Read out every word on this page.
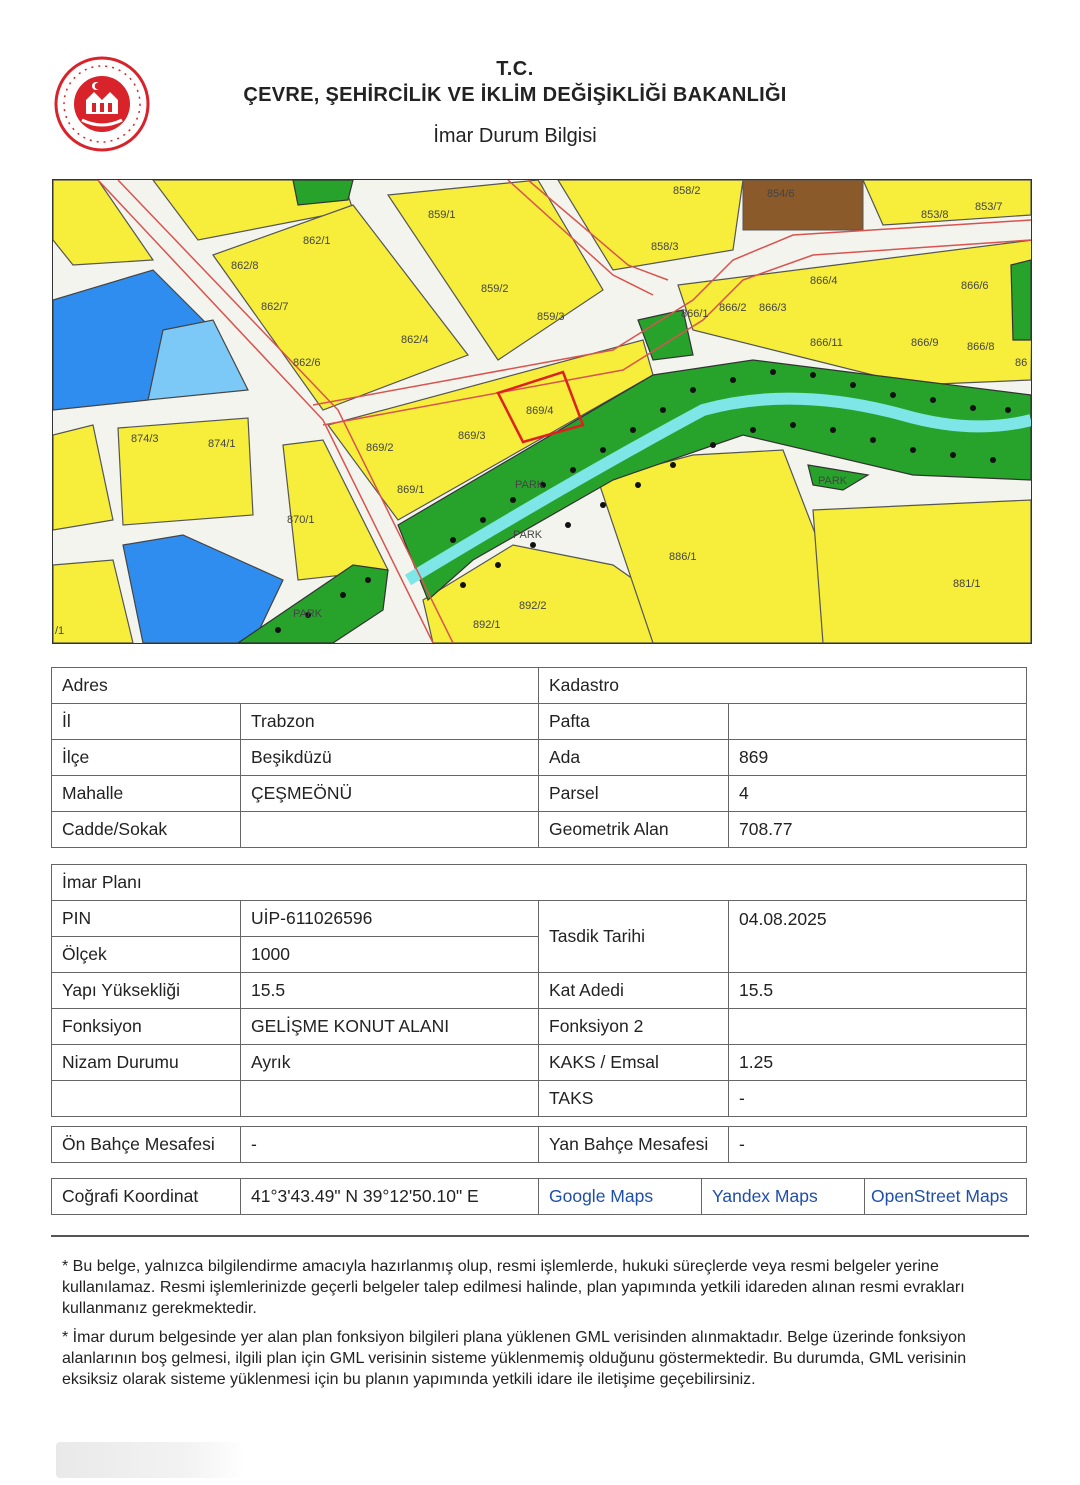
T.C.
ÇEVRE, ŞEHİRCİLİK VE İKLİM DEĞİŞİKLİĞİ BAKANLIĞI
İmar Durum Bilgisi
858/2	854/6
853/8
853/7
859/1
862/1	858/3
862/8
866/4	866/6
859/2
862/7
866/1 866/2 866/3
859/3
862/4	866/11	866/9	866/8
86
862/6
869/4
874/3	874/1	869/2
869/3
869/1	PARK	PARK
870/1
PARK
886/1
881/1
892/2
892/1
PARK
/1
Adres		Kadastro	
İl	Trabzon	Pafta	
İlçe	Beşikdüzü	Ada	869
Mahalle	ÇEŞMEÖNÜ	Parsel	4
Cadde/Sokak		Geometrik Alan	708.77
İmar Planı			
PIN	UİP-611026596	Tasdik Tarihi	04.08.2025
Ölçek	1000		
Yapı Yüksekliği	15.5	Kat Adedi	15.5
Fonksiyon	GELİŞME KONUT ALANI	Fonksiyon 2	
Nizam Durumu	Ayrık	KAKS / Emsal	1.25
		TAKS	-
Ön Bahçe Mesafesi	-	Yan Bahçe Mesafesi	-
Coğrafi Koordinat	41°3'43.49" N 39°12'50.10" E	Google Maps	Yandex Maps	OpenStreet Maps
* Bu belge, yalnızca bilgilendirme amacıyla hazırlanmış olup, resmi işlemlerde, hukuki süreçlerde veya resmi belgeler yerine kullanılamaz. Resmi işlemlerinizde geçerli belgeler talep edilmesi halinde, plan yapımında yetkili idareden alınan resmi evrakları kullanmanız gerekmektedir.
* İmar durum belgesinde yer alan plan fonksiyon bilgileri plana yüklenen GML verisinden alınmaktadır. Belge üzerinde fonksiyon alanlarının boş gelmesi, ilgili plan için GML verisinin sisteme yüklenmemiş olduğunu göstermektedir. Bu durumda, GML verisinin eksiksiz olarak sisteme yüklenmesi için bu planın yapımında yetkili idare ile iletişime geçebilirsiniz.
